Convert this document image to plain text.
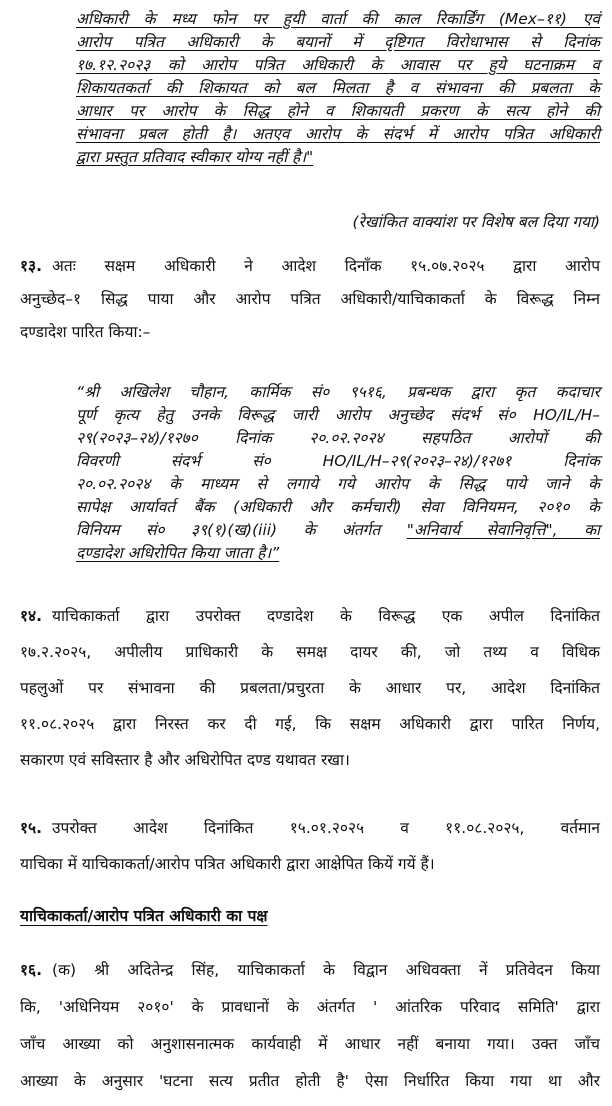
अधिकारी के मध्य फोन पर हुयी वार्ता की काल रिकार्डिंग (Mex–११) एवं
आरोप पत्रित अधिकारी के बयानों में दृष्टिगत विरोधाभास से दिनांक
१७.१२.२०२३ को आरोप पत्रित अधिकारी के आवास पर हुये घटनाक्रम व
शिकायतकर्ता की शिकायत को बल मिलता है व संभावना की प्रबलता के
आधार पर आरोप के सिद्ध होने व शिकायती प्रकरण के सत्य होने की
संभावना प्रबल होती है। अतएव आरोप के संदर्भ में आरोप पत्रित अधिकारी
द्वारा प्रस्तुत प्रतिवाद स्वीकार योग्य नहीं है।"
(रेखांकित वाक्यांश पर विशेष बल दिया गया)
१३. अतः सक्षम अधिकारी ने आदेश दिनाँक १५.०७.२०२५ द्वारा आरोप
अनुच्छेद–१ सिद्ध पाया और आरोप पत्रित अधिकारी/याचिकाकर्ता के विरूद्ध निम्न
दण्डादेश पारित किया:–
“श्री अखिलेश चौहान, कार्मिक सं० ९५१६, प्रबन्धक द्वारा कृत कदाचार
पूर्ण कृत्य हेतु उनके विरूद्ध जारी आरोप अनुच्छेद संदर्भ सं० HO/IL/H–
२९(२०२३–२४)/१२७० दिनांक २०.०२.२०२४ सहपठित आरोपों की
विवरणी संदर्भ सं० HO/IL/H–२९(२०२३–२४)/१२७१ दिनांक
२०.०२.२०२४ के माध्यम से लगाये गये आरोप के सिद्ध पाये जाने के
सापेक्ष आर्यावर्त बैंक (अधिकारी और कर्मचारी) सेवा विनियमन, २०१० के
विनियम सं० ३९(१)(ख)(iii) के अंतर्गत "अनिवार्य सेवानिवृत्ति", का
दण्डादेश अधिरोपित किया जाता है।”
१४. याचिकाकर्ता द्वारा उपरोक्त दण्डादेश के विरूद्ध एक अपील दिनांकित
१७.२.२०२५, अपीलीय प्राधिकारी के समक्ष दायर की, जो तथ्य व विधिक
पहलुओं पर संभावना की प्रबलता/प्रचुरता के आधार पर, आदेश दिनांकित
११.०८.२०२५ द्वारा निरस्त कर दी गई, कि सक्षम अधिकारी द्वारा पारित निर्णय,
सकारण एवं सविस्तार है और अधिरोपित दण्ड यथावत रखा।
१५. उपरोक्त आदेश दिनांकित १५.०१.२०२५ व ११.०८.२०२५, वर्तमान
याचिका में याचिकाकर्ता/आरोप पत्रित अधिकारी द्वारा आक्षेपित कियें गयें हैं।
याचिकाकर्ता/आरोप पत्रित अधिकारी का पक्ष
१६. (क) श्री अदितेन्द्र सिंह, याचिकाकर्ता के विद्वान अधिवक्ता नें प्रतिवेदन किया
कि, 'अधिनियम २०१०' के प्रावधानों के अंतर्गत ' आंतरिक परिवाद समिति' द्वारा
जाँच आख्या को अनुशासनात्मक कार्यवाही में आधार नहीं बनाया गया। उक्त जाँच
आख्या के अनुसार 'घटना सत्य प्रतीत होती है' ऐसा निर्धारित किया गया था और
